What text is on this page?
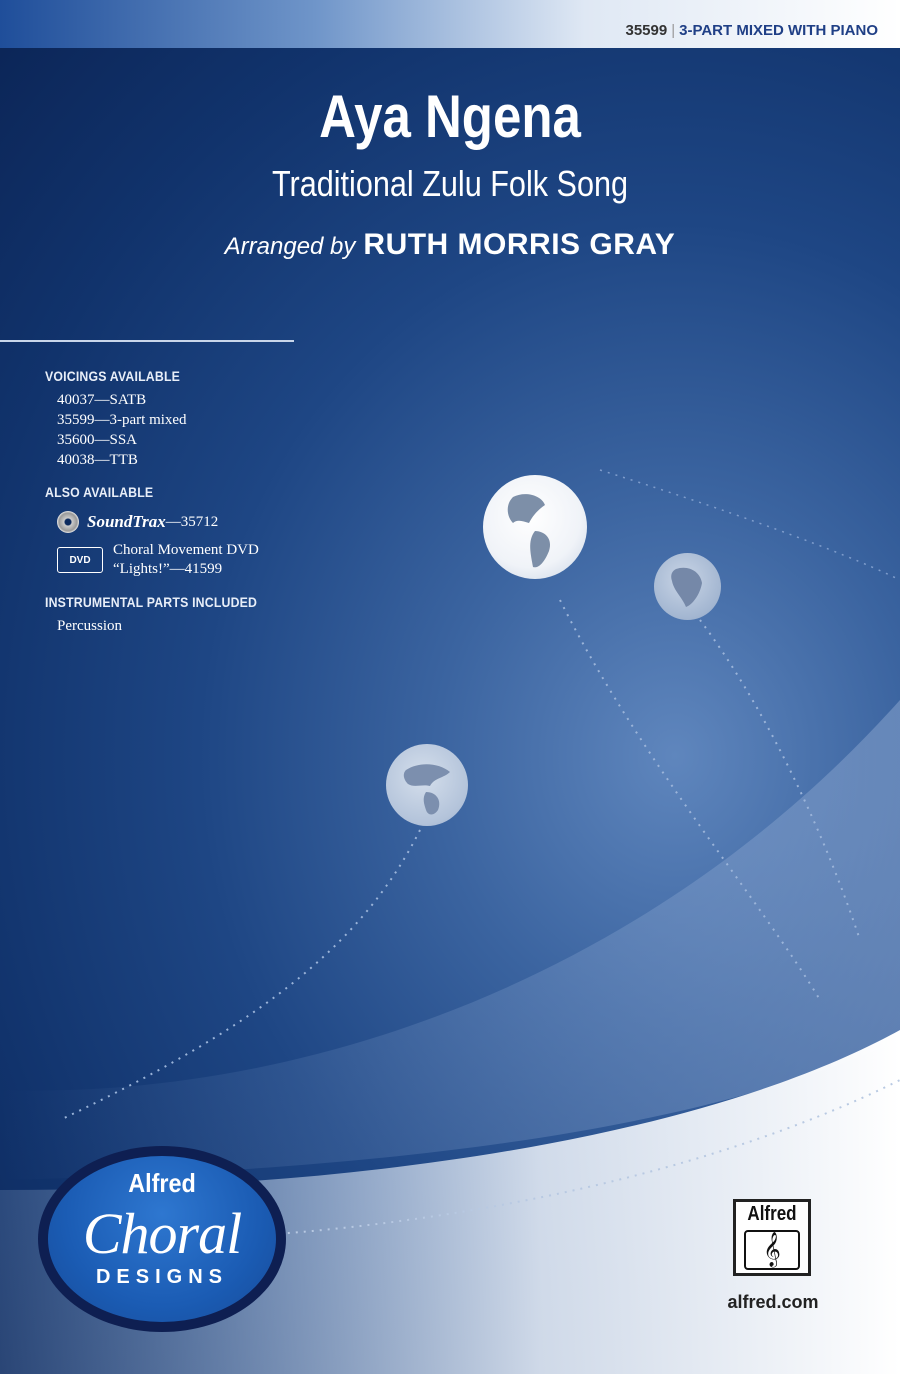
35599 | 3-PART MIXED WITH PIANO
Aya Ngena
Traditional Zulu Folk Song
Arranged by RUTH MORRIS GRAY
VOICINGS AVAILABLE
40037—SATB
35599—3-part mixed
35600—SSA
40038—TTB
ALSO AVAILABLE
SoundTrax —35712
DVD
Choral Movement DVD
“Lights!”—41599
INSTRUMENTAL PARTS INCLUDED
Percussion
Alfred
Choral
DESIGNS
Alfred
𝄞
alfred.com
